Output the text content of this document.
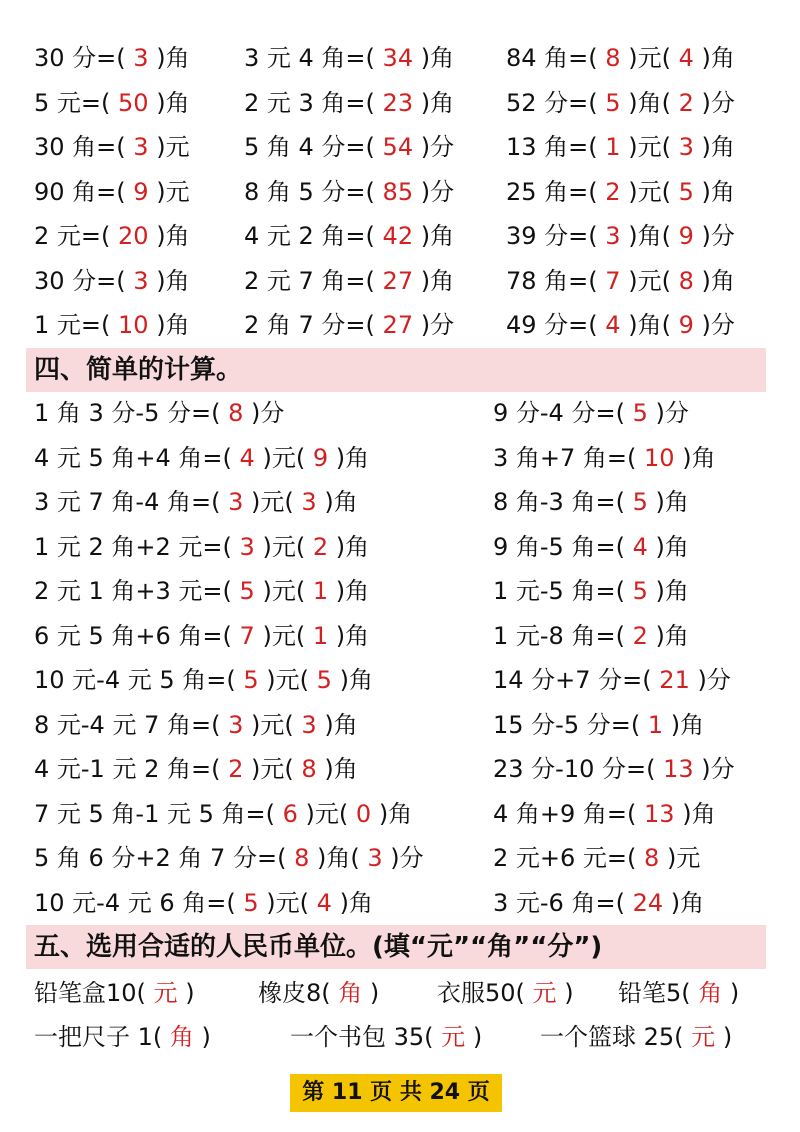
30 分=( 3 )角 3 元 4 角=( 34 )角 84 角=( 8 )元( 4 )角
5 元=( 50 )角 2 元 3 角=( 23 )角 52 分=( 5 )角( 2 )分
30 角=( 3 )元 5 角 4 分=( 54 )分 13 角=( 1 )元( 3 )角
90 角=( 9 )元 8 角 5 分=( 85 )分 25 角=( 2 )元( 5 )角
2 元=( 20 )角 4 元 2 角=( 42 )角 39 分=( 3 )角( 9 )分
30 分=( 3 )角 2 元 7 角=( 27 )角 78 角=( 7 )元( 8 )角
1 元=( 10 )角 2 角 7 分=( 27 )分 49 分=( 4 )角( 9 )分
四、简单的计算。
1 角 3 分-5 分=( 8 )分	9 分-4 分=( 5 )分
4 元 5 角+4 角=( 4 )元( 9 )角	3 角+7 角=( 10 )角
3 元 7 角-4 角=( 3 )元( 3 )角	8 角-3 角=( 5 )角
1 元 2 角+2 元=( 3 )元( 2 )角	9 角-5 角=( 4 )角
2 元 1 角+3 元=( 5 )元( 1 )角	1 元-5 角=( 5 )角
6 元 5 角+6 角=( 7 )元( 1 )角	1 元-8 角=( 2 )角
10 元-4 元 5 角=( 5 )元( 5 )角	14 分+7 分=( 21 )分
8 元-4 元 7 角=( 3 )元( 3 )角	15 分-5 分=( 1 )角
4 元-1 元 2 角=( 2 )元( 8 )角	23 分-10 分=( 13 )分
7 元 5 角-1 元 5 角=( 6 )元( 0 )角	4 角+9 角=( 13 )角
5 角 6 分+2 角 7 分=( 8 )角( 3 )分	2 元+6 元=( 8 )元
10 元-4 元 6 角=( 5 )元( 4 )角	3 元-6 角=( 24 )角
五、选用合适的人民币单位。(填“元”“角”“分”)
铅笔盒10( 元 )	橡皮8( 角 ) 衣服50( 元 ) 铅笔5( 角 )
一把尺子 1( 角 )	一个书包 35( 元 ) 一个篮球 25( 元 )
第 11 页 共 24 页
